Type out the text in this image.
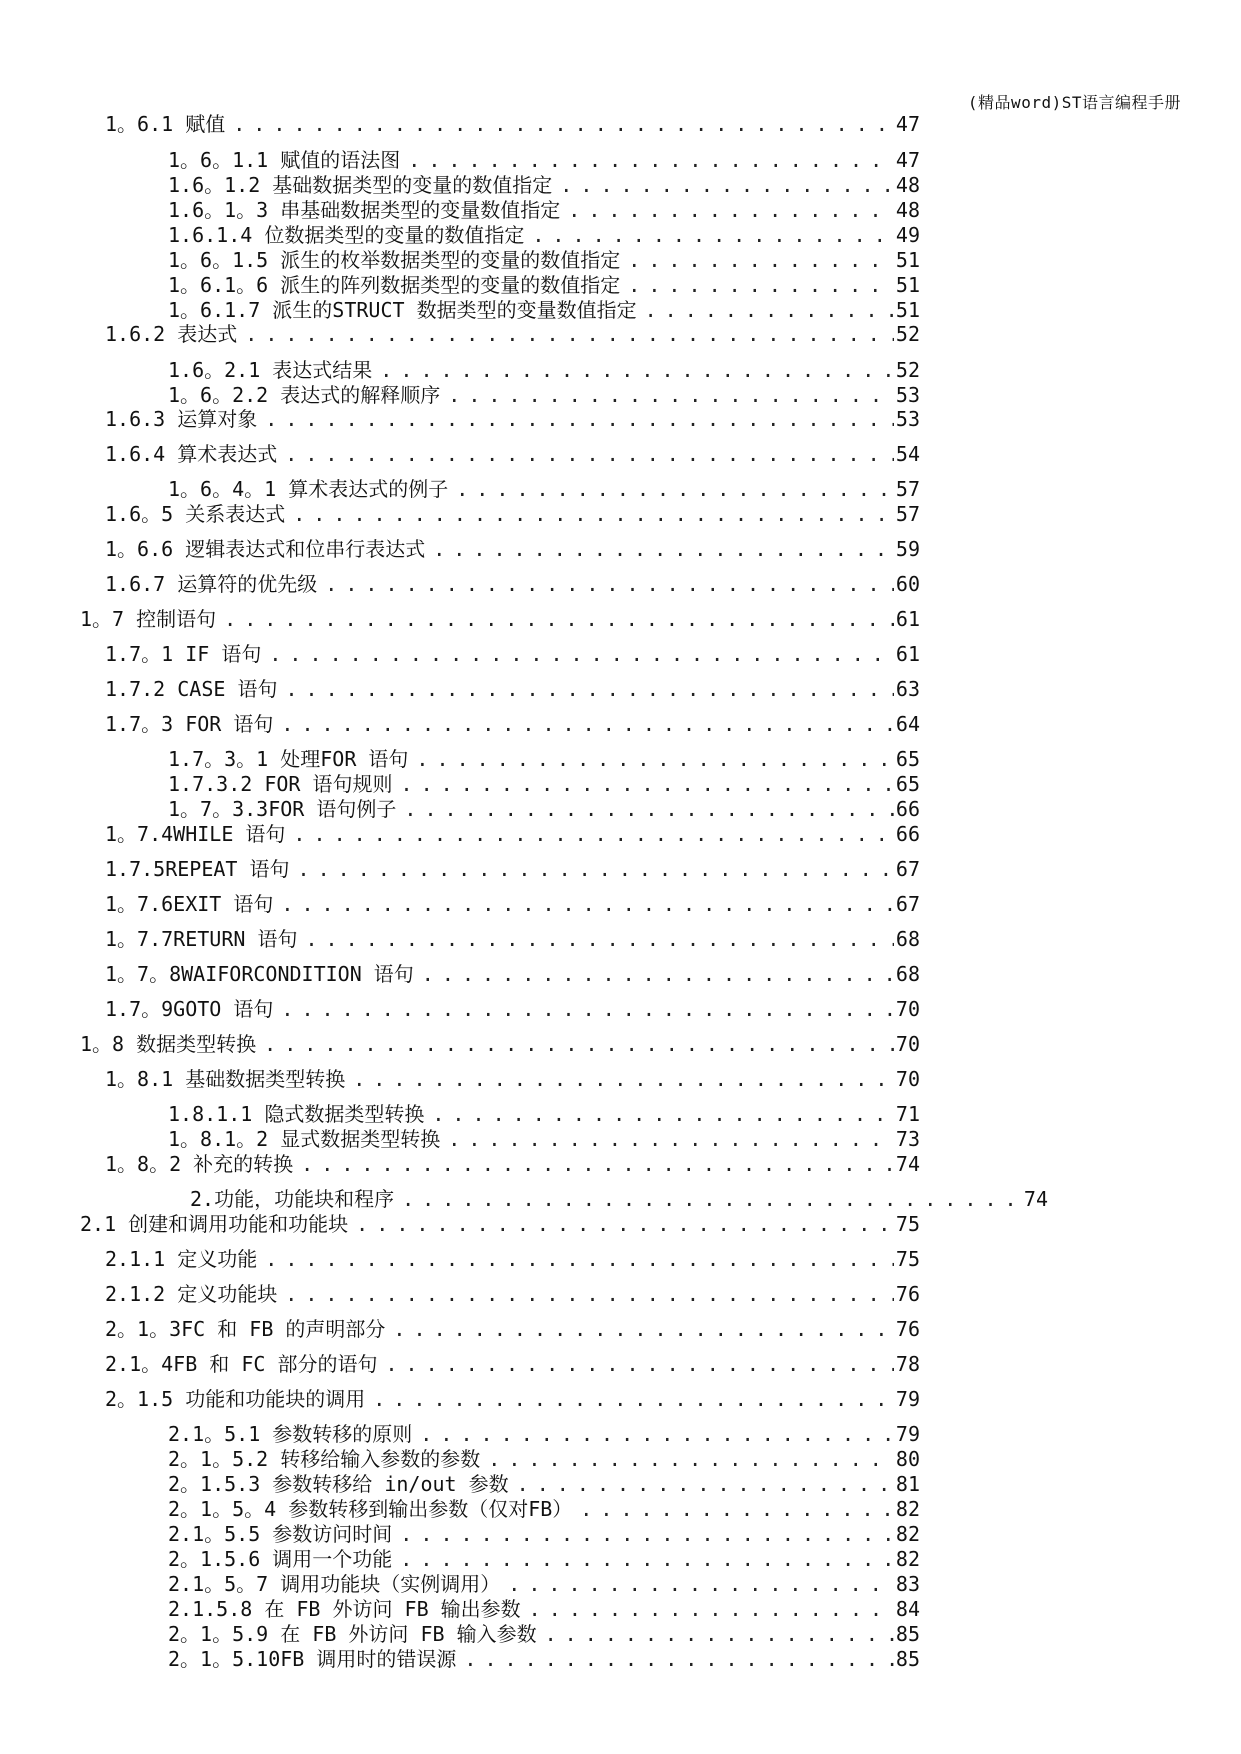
(精品word)ST语言编程手册
1。6.1 赋值 . . .	47
1。6。1.1 赋值的语法图 . . .	47
1.6。1.2 基础数据类型的变量的数值指定 . . .	48
1.6。1。3 串基础数据类型的变量数值指定 . . .	48
1.6.1.4 位数据类型的变量的数值指定 . . .	49
1。6。1.5 派生的枚举数据类型的变量的数值指定 . . .	51
1。6.1。6 派生的阵列数据类型的变量的数值指定 . . .	51
1。6.1.7 派生的STRUCT 数据类型的变量数值指定 . . .	51
1.6.2 表达式 . . .	52
1.6。2.1 表达式结果 . . .	52
1。6。2.2 表达式的解释顺序 . . .	53
1.6.3 运算对象 . . .	53
1.6.4 算术表达式 . . .	54
1。6。4。1 算术表达式的例子 . . .	57
1.6。5 关系表达式 . . .	57
1。6.6 逻辑表达式和位串行表达式 . . .	59
1.6.7 运算符的优先级 . . .	60
1。7 控制语句 . . .	61
1.7。1 IF 语句 . . .	61
1.7.2 CASE 语句 . . .	63
1.7。3 FOR 语句 . . .	64
1.7。3。1 处理FOR 语句 . . .	65
1.7.3.2 FOR 语句规则 . . .	65
1。7。3.3FOR 语句例子 . . .	66
1。7.4WHILE 语句 . . .	66
1.7.5REPEAT 语句 . . .	67
1。7.6EXIT 语句 . . .	67
1。7.7RETURN 语句 . . .	68
1。7。8WAIFORCONDITION 语句 . . .	68
1.7。9GOTO 语句 . . .	70
1。8 数据类型转换 . . .	70
1。8.1 基础数据类型转换 . . .	70
1.8.1.1 隐式数据类型转换 . . .	71
1。8.1。2 显式数据类型转换 . . .	73
1。8。2 补充的转换 . . .	74
2.功能，功能块和程序 . . .	74
2.1 创建和调用功能和功能块 . . .	75
2.1.1 定义功能 . . .	75
2.1.2 定义功能块 . . .	76
2。1。3FC 和 FB 的声明部分 . . .	76
2.1。4FB 和 FC 部分的语句 . . .	78
2。1.5 功能和功能块的调用 . . .	79
2.1。5.1 参数转移的原则 . . .	79
2。1。5.2 转移给输入参数的参数 . . .	80
2。1.5.3 参数转移给 in/out 参数 . . .	81
2。1。5。4 参数转移到输出参数（仅对FB） . . .	82
2.1。5.5 参数访问时间 . . .	82
2。1.5.6 调用一个功能 . . .	82
2.1。5。7 调用功能块（实例调用） . . .	83
2.1.5.8 在 FB 外访问 FB 输出参数 . . .	84
2。1。5.9 在 FB 外访问 FB 输入参数 . . .	85
2。1。5.10FB 调用时的错误源 . . .	85
